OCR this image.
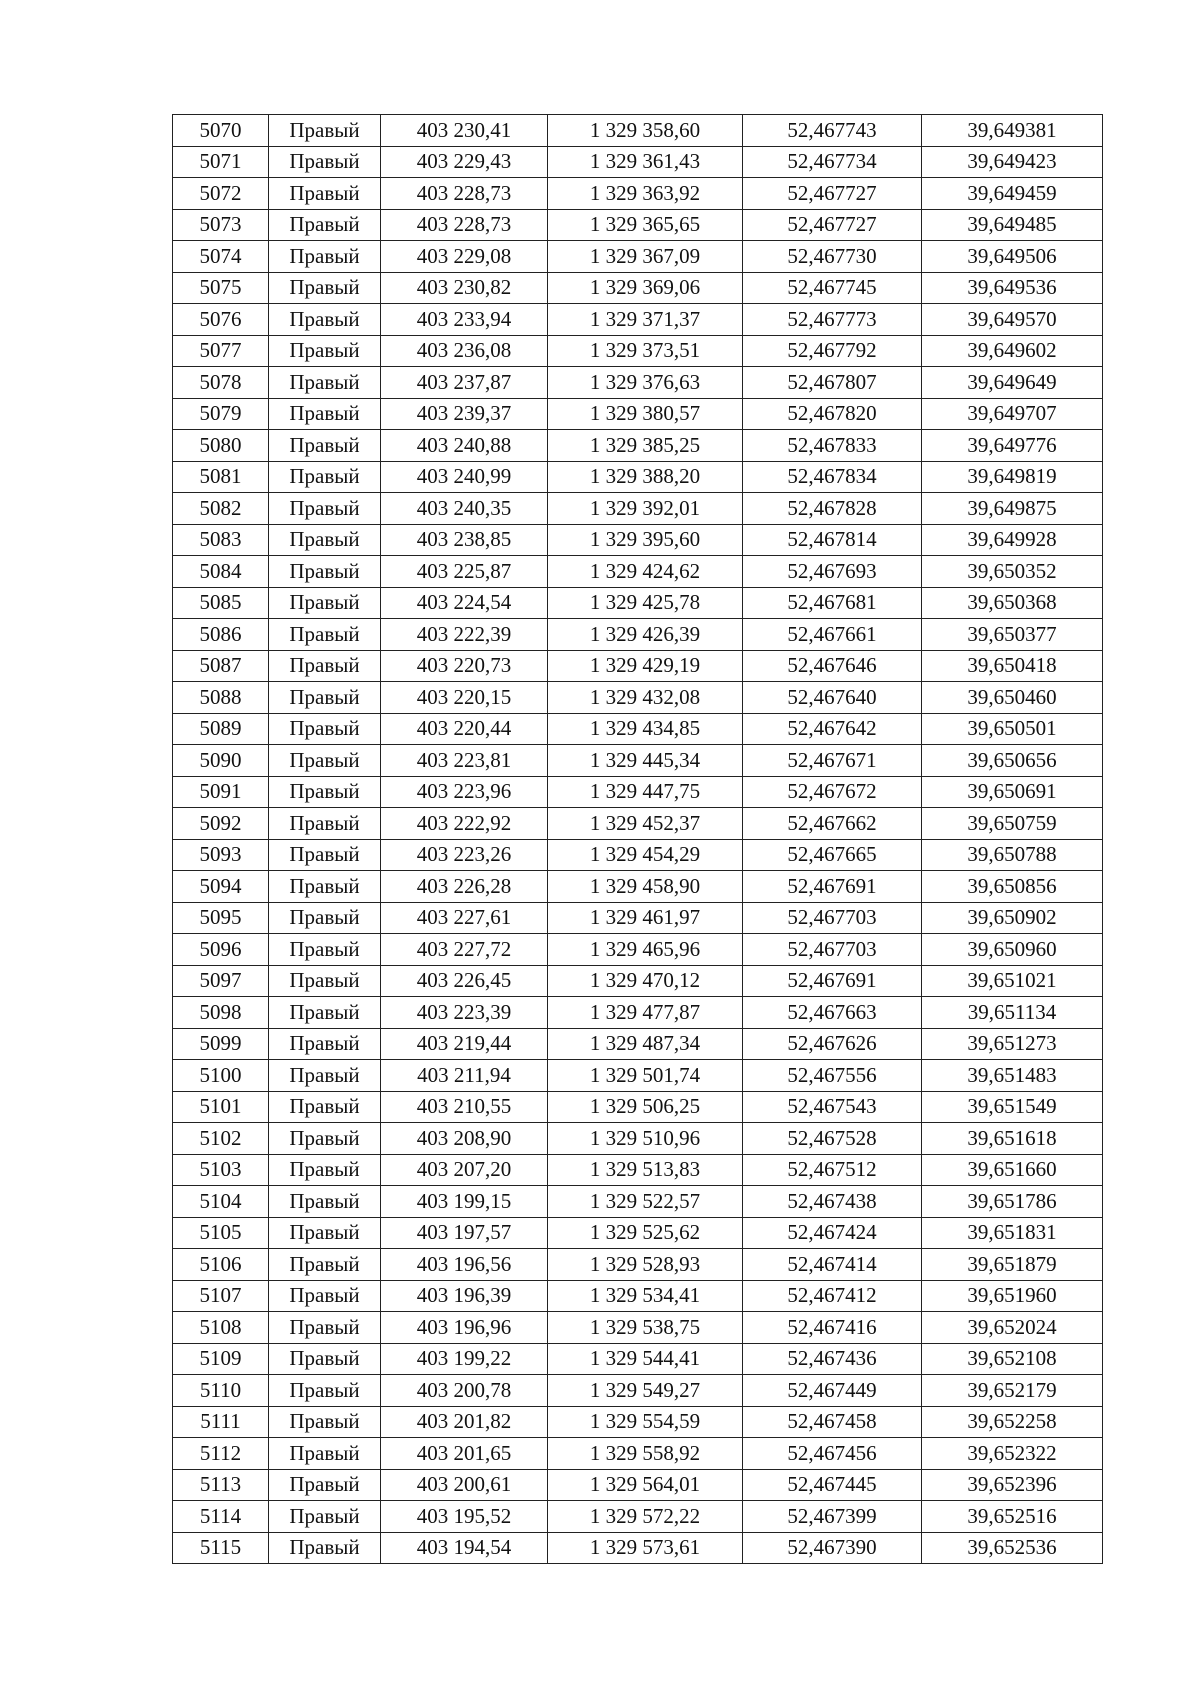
5070	Правый	403 230,41	1 329 358,60	52,467743	39,649381
5071	Правый	403 229,43	1 329 361,43	52,467734	39,649423
5072	Правый	403 228,73	1 329 363,92	52,467727	39,649459
5073	Правый	403 228,73	1 329 365,65	52,467727	39,649485
5074	Правый	403 229,08	1 329 367,09	52,467730	39,649506
5075	Правый	403 230,82	1 329 369,06	52,467745	39,649536
5076	Правый	403 233,94	1 329 371,37	52,467773	39,649570
5077	Правый	403 236,08	1 329 373,51	52,467792	39,649602
5078	Правый	403 237,87	1 329 376,63	52,467807	39,649649
5079	Правый	403 239,37	1 329 380,57	52,467820	39,649707
5080	Правый	403 240,88	1 329 385,25	52,467833	39,649776
5081	Правый	403 240,99	1 329 388,20	52,467834	39,649819
5082	Правый	403 240,35	1 329 392,01	52,467828	39,649875
5083	Правый	403 238,85	1 329 395,60	52,467814	39,649928
5084	Правый	403 225,87	1 329 424,62	52,467693	39,650352
5085	Правый	403 224,54	1 329 425,78	52,467681	39,650368
5086	Правый	403 222,39	1 329 426,39	52,467661	39,650377
5087	Правый	403 220,73	1 329 429,19	52,467646	39,650418
5088	Правый	403 220,15	1 329 432,08	52,467640	39,650460
5089	Правый	403 220,44	1 329 434,85	52,467642	39,650501
5090	Правый	403 223,81	1 329 445,34	52,467671	39,650656
5091	Правый	403 223,96	1 329 447,75	52,467672	39,650691
5092	Правый	403 222,92	1 329 452,37	52,467662	39,650759
5093	Правый	403 223,26	1 329 454,29	52,467665	39,650788
5094	Правый	403 226,28	1 329 458,90	52,467691	39,650856
5095	Правый	403 227,61	1 329 461,97	52,467703	39,650902
5096	Правый	403 227,72	1 329 465,96	52,467703	39,650960
5097	Правый	403 226,45	1 329 470,12	52,467691	39,651021
5098	Правый	403 223,39	1 329 477,87	52,467663	39,651134
5099	Правый	403 219,44	1 329 487,34	52,467626	39,651273
5100	Правый	403 211,94	1 329 501,74	52,467556	39,651483
5101	Правый	403 210,55	1 329 506,25	52,467543	39,651549
5102	Правый	403 208,90	1 329 510,96	52,467528	39,651618
5103	Правый	403 207,20	1 329 513,83	52,467512	39,651660
5104	Правый	403 199,15	1 329 522,57	52,467438	39,651786
5105	Правый	403 197,57	1 329 525,62	52,467424	39,651831
5106	Правый	403 196,56	1 329 528,93	52,467414	39,651879
5107	Правый	403 196,39	1 329 534,41	52,467412	39,651960
5108	Правый	403 196,96	1 329 538,75	52,467416	39,652024
5109	Правый	403 199,22	1 329 544,41	52,467436	39,652108
5110	Правый	403 200,78	1 329 549,27	52,467449	39,652179
5111	Правый	403 201,82	1 329 554,59	52,467458	39,652258
5112	Правый	403 201,65	1 329 558,92	52,467456	39,652322
5113	Правый	403 200,61	1 329 564,01	52,467445	39,652396
5114	Правый	403 195,52	1 329 572,22	52,467399	39,652516
5115	Правый	403 194,54	1 329 573,61	52,467390	39,652536
